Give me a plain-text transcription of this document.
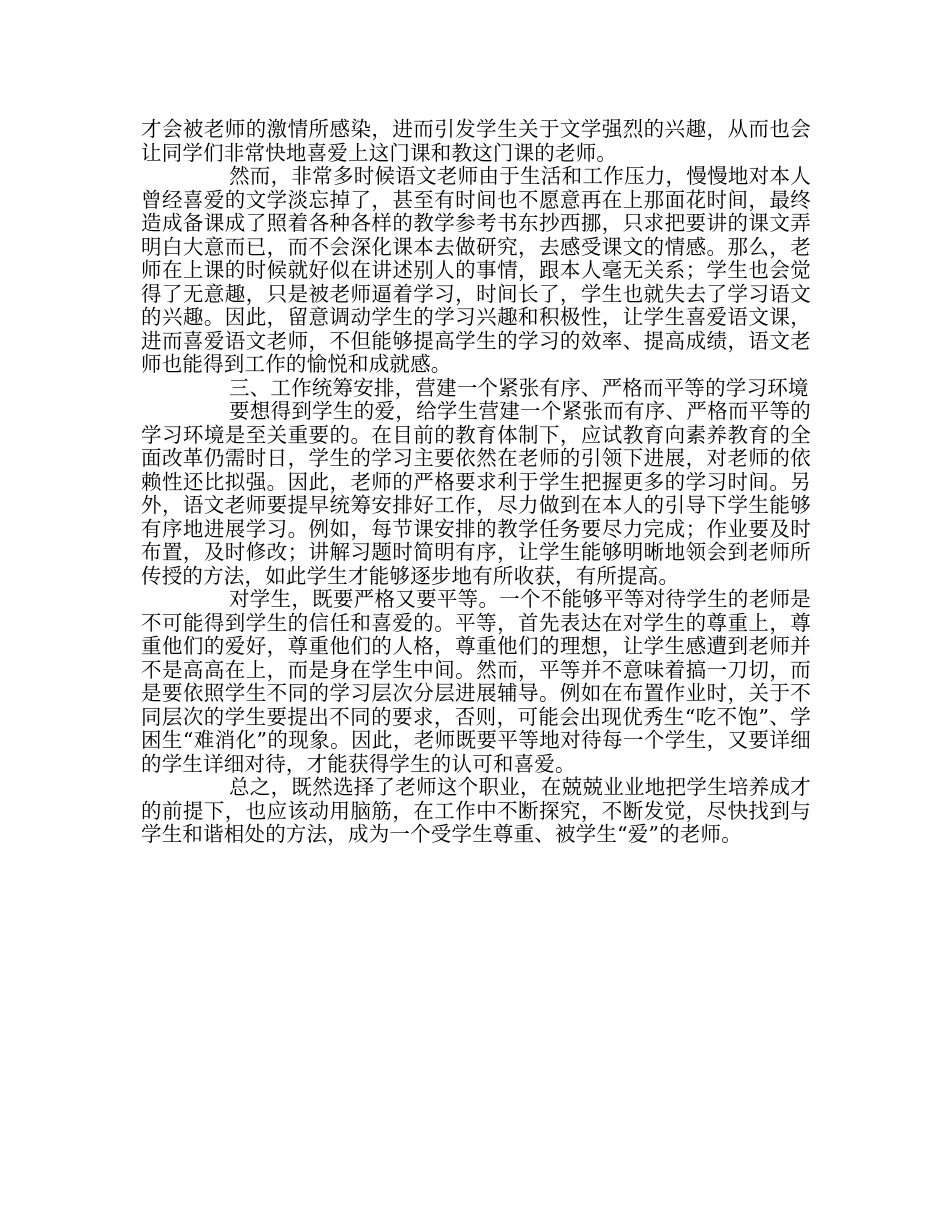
才会被老师的激情所感染，进而引发学生关于文学强烈的兴趣，从而也会让同学们非常快地喜爱上这门课和教这门课的老师。

然而，非常多时候语文老师由于生活和工作压力，慢慢地对本人曾经喜爱的文学淡忘掉了，甚至有时间也不愿意再在上那面花时间，最终造成备课成了照着各种各样的教学参考书东抄西挪，只求把要讲的课文弄明白大意而已，而不会深化课本去做研究，去感受课文的情感。那么，老师在上课的时候就好似在讲述别人的事情，跟本人毫无关系；学生也会觉得了无意趣，只是被老师逼着学习，时间长了，学生也就失去了学习语文的兴趣。因此，留意调动学生的学习兴趣和积极性，让学生喜爱语文课，进而喜爱语文老师，不但能够提高学生的学习的效率、提高成绩，语文老师也能得到工作的愉悦和成就感。

三、工作统筹安排，营建一个紧张有序、严格而平等的学习环境

要想得到学生的爱，给学生营建一个紧张而有序、严格而平等的学习环境是至关重要的。在目前的教育体制下，应试教育向素养教育的全面改革仍需时日，学生的学习主要依然在老师的引领下进展，对老师的依赖性还比拟强。因此，老师的严格要求利于学生把握更多的学习时间。另外，语文老师要提早统筹安排好工作，尽力做到在本人的引导下学生能够有序地进展学习。例如，每节课安排的教学任务要尽力完成；作业要及时布置，及时修改；讲解习题时简明有序，让学生能够明晰地领会到老师所传授的方法，如此学生才能够逐步地有所收获，有所提高。

对学生，既要严格又要平等。一个不能够平等对待学生的老师是不可能得到学生的信任和喜爱的。平等，首先表达在对学生的尊重上，尊重他们的爱好，尊重他们的人格，尊重他们的理想，让学生感遭到老师并不是高高在上，而是身在学生中间。然而，平等并不意味着搞一刀切，而是要依照学生不同的学习层次分层进展辅导。例如在布置作业时，关于不同层次的学生要提出不同的要求，否则，可能会出现优秀生“吃不饱”、学困生“难消化”的现象。因此，老师既要平等地对待每一个学生，又要详细的学生详细对待，才能获得学生的认可和喜爱。

总之，既然选择了老师这个职业，在兢兢业业地把学生培养成才的前提下，也应该动用脑筋，在工作中不断探究，不断发觉，尽快找到与学生和谐相处的方法，成为一个受学生尊重、被学生“爱”的老师。
